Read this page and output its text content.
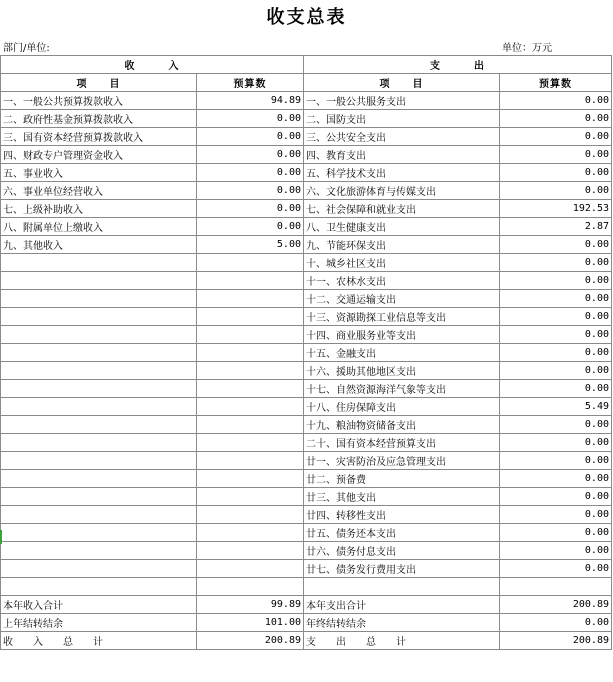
收支总表
部门/单位:	单位：万元
收　　　入		支　　　出	
项　　目	预算数	项　　目	预算数
一、一般公共预算拨款收入	94.89	一、一般公共服务支出	0.00
二、政府性基金预算拨款收入	0.00	二、国防支出	0.00
三、国有资本经营预算拨款收入	0.00	三、公共安全支出	0.00
四、财政专户管理资金收入	0.00	四、教育支出	0.00
五、事业收入	0.00	五、科学技术支出	0.00
六、事业单位经营收入	0.00	六、文化旅游体育与传媒支出	0.00
七、上级补助收入	0.00	七、社会保障和就业支出	192.53
八、附属单位上缴收入	0.00	八、卫生健康支出	2.87
九、其他收入	5.00	九、节能环保支出	0.00
		十、城乡社区支出	0.00
		十一、农林水支出	0.00
		十二、交通运输支出	0.00
		十三、资源勘探工业信息等支出	0.00
		十四、商业服务业等支出	0.00
		十五、金融支出	0.00
		十六、援助其他地区支出	0.00
		十七、自然资源海洋气象等支出	0.00
		十八、住房保障支出	5.49
		十九、粮油物资储备支出	0.00
		二十、国有资本经营预算支出	0.00
		廿一、灾害防治及应急管理支出	0.00
		廿二、预备费	0.00
		廿三、其他支出	0.00
		廿四、转移性支出	0.00
		廿五、债务还本支出	0.00
		廿六、债务付息支出	0.00
		廿七、债务发行费用支出	0.00

本年收入合计	99.89	本年支出合计	200.89
上年结转结余	101.00	年终结转结余	0.00
收　　入　　总　　计	200.89	支　　出　　总　　计	200.89
